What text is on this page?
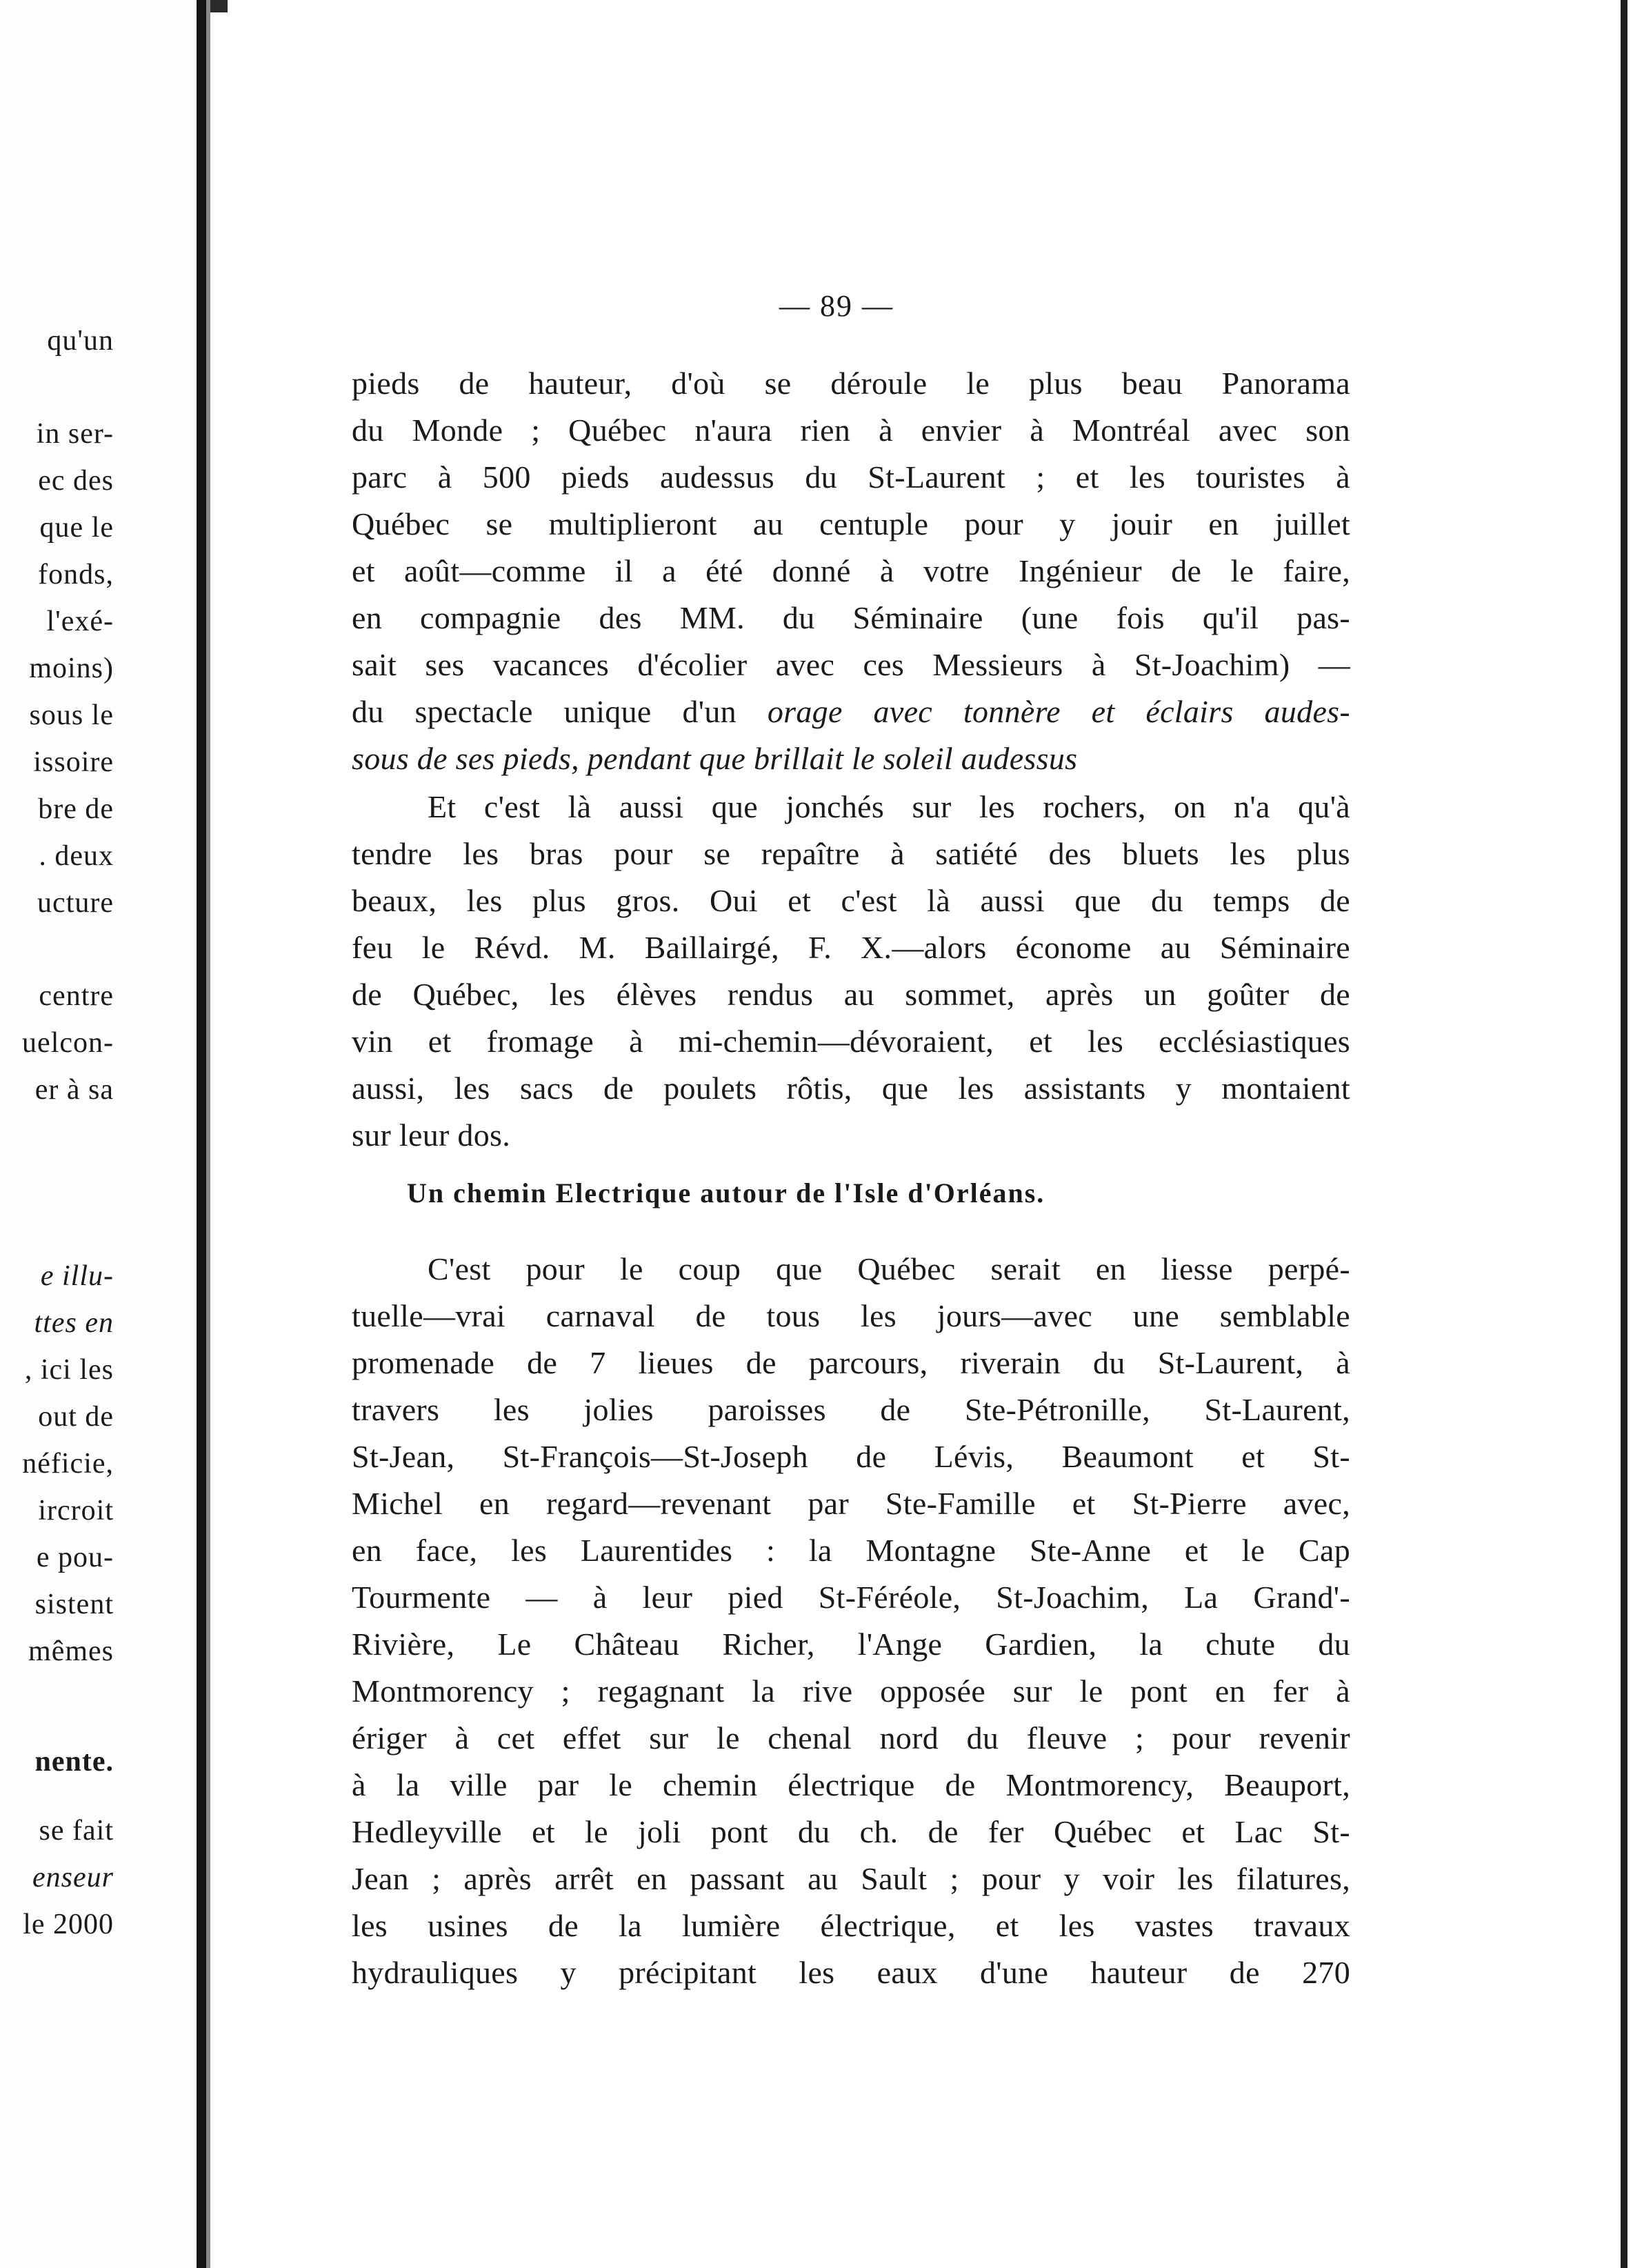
qu'un
in ser-
ec des
que le
fonds,
l'exé-
moins)
sous le
issoire
bre de
. deux
ucture
centre
uelcon-
er à sa
e illu-
ttes en
, ici les
out de
néficie,
ircroit
e pou-
sistent
mêmes
nente.
se fait
enseur
le 2000
— 89 —
pieds de hauteur, d'où se déroule le plus beau Panorama
du Monde ; Québec n'aura rien à envier à Montréal avec son
parc à 500 pieds audessus du St-Laurent ; et les touristes à
Québec se multiplieront au centuple pour y jouir en juillet
et août—comme il a été donné à votre Ingénieur de le faire,
en compagnie des MM. du Séminaire (une fois qu'il pas-
sait ses vacances d'écolier avec ces Messieurs à St-Joachim) —
du spectacle unique d'un orage avec tonnère et éclairs audes-
sous de ses pieds, pendant que brillait le soleil audessus
Et c'est là aussi que jonchés sur les rochers, on n'a qu'à
tendre les bras pour se repaître à satiété des bluets les plus
beaux, les plus gros. Oui et c'est là aussi que du temps de
feu le Révd. M. Baillairgé, F. X.—alors économe au Séminaire
de Québec, les élèves rendus au sommet, après un goûter de
vin et fromage à mi-chemin—dévoraient, et les ecclésiastiques
aussi, les sacs de poulets rôtis, que les assistants y montaient
sur leur dos.
Un chemin Electrique autour de l'Isle d'Orléans.
C'est pour le coup que Québec serait en liesse perpé-
tuelle—vrai carnaval de tous les jours—avec une semblable
promenade de 7 lieues de parcours, riverain du St-Laurent, à
travers les jolies paroisses de Ste-Pétronille, St-Laurent,
St-Jean, St-François—St-Joseph de Lévis, Beaumont et St-
Michel en regard—revenant par Ste-Famille et St-Pierre avec,
en face, les Laurentides : la Montagne Ste-Anne et le Cap
Tourmente — à leur pied St-Féréole, St-Joachim, La Grand'-
Rivière, Le Château Richer, l'Ange Gardien, la chute du
Montmorency ; regagnant la rive opposée sur le pont en fer à
ériger à cet effet sur le chenal nord du fleuve ; pour revenir
à la ville par le chemin électrique de Montmorency, Beauport,
Hedleyville et le joli pont du ch. de fer Québec et Lac St-
Jean ; après arrêt en passant au Sault ; pour y voir les filatures,
les usines de la lumière électrique, et les vastes travaux
hydrauliques y précipitant les eaux d'une hauteur de 270
